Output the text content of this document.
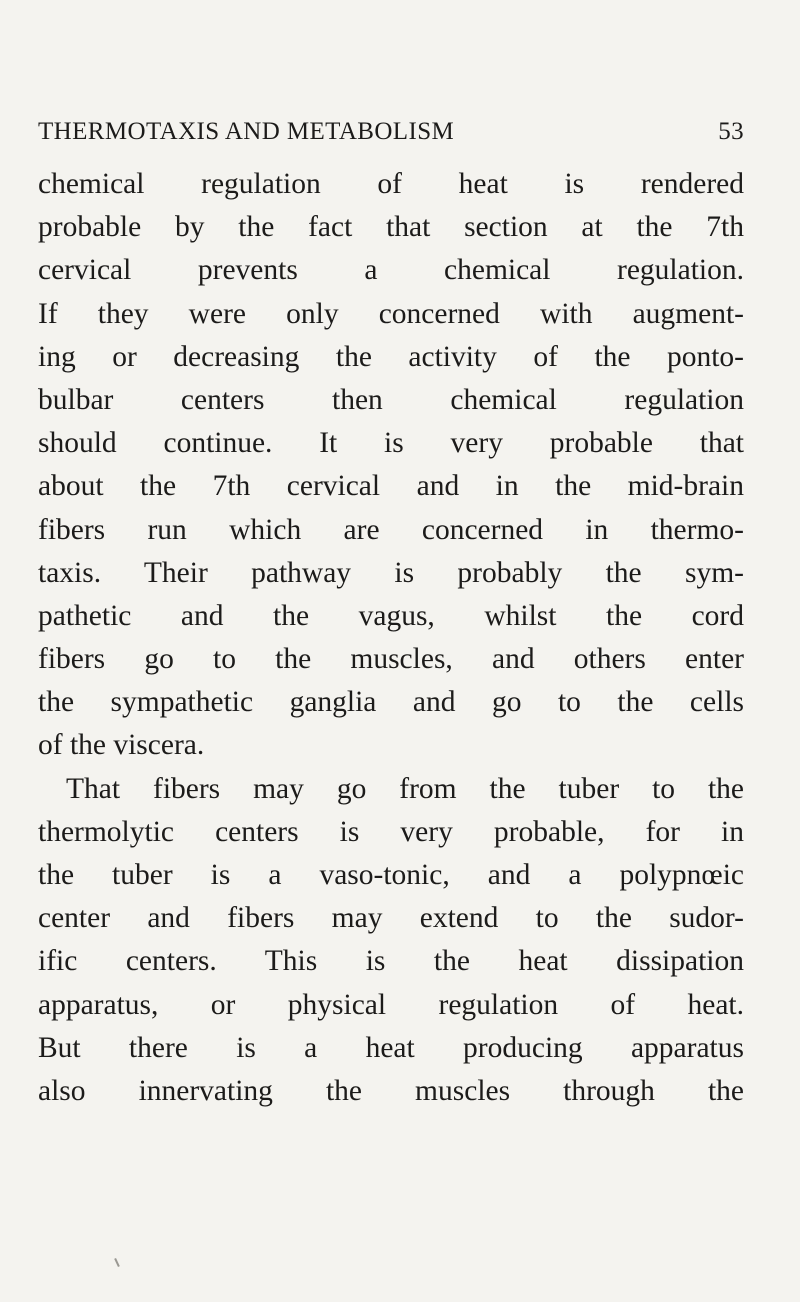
THERMOTAXIS AND METABOLISM	53
chemical regulation of heat is rendered
probable by the fact that section at the 7th
cervical prevents a chemical regulation.
If they were only concerned with augment-
ing or decreasing the activity of the ponto-
bulbar centers then chemical regulation
should continue. It is very probable that
about the 7th cervical and in the mid-brain
fibers run which are concerned in thermo-
taxis. Their pathway is probably the sym-
pathetic and the vagus, whilst the cord
fibers go to the muscles, and others enter
the sympathetic ganglia and go to the cells
of the viscera.
That fibers may go from the tuber to the
thermolytic centers is very probable, for in
the tuber is a vaso-tonic, and a polypnœic
center and fibers may extend to the sudor-
ific centers. This is the heat dissipation
apparatus, or physical regulation of heat.
But there is a heat producing apparatus
also innervating the muscles through the
